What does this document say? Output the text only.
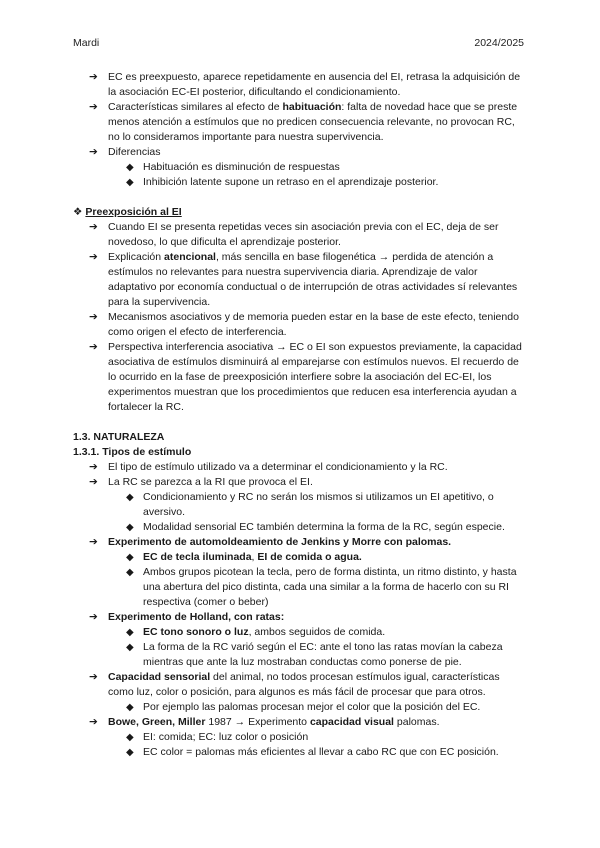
Mardi	2024/2025
➔ EC es preexpuesto, aparece repetidamente en ausencia del EI, retrasa la adquisición de la asociación EC-EI posterior, dificultando el condicionamiento.
➔ Características similares al efecto de habituación: falta de novedad hace que se preste menos atención a estímulos que no predicen consecuencia relevante, no provocan RC, no lo consideramos importante para nuestra supervivencia.
➔ Diferencias
◆ Habituación es disminución de respuestas
◆ Inhibición latente supone un retraso en el aprendizaje posterior.
❖ Preexposición al EI
➔ Cuando EI se presenta repetidas veces sin asociación previa con el EC, deja de ser novedoso, lo que dificulta el aprendizaje posterior.
➔ Explicación atencional, más sencilla en base filogenética → perdida de atención a estímulos no relevantes para nuestra supervivencia diaria. Aprendizaje de valor adaptativo por economía conductual o de interrupción de otras actividades sí relevantes para la supervivencia.
➔ Mecanismos asociativos y de memoria pueden estar en la base de este efecto, teniendo como origen el efecto de interferencia.
➔ Perspectiva interferencia asociativa → EC o EI son expuestos previamente, la capacidad asociativa de estímulos disminuirá al emparejarse con estímulos nuevos. El recuerdo de lo ocurrido en la fase de preexposición interfiere sobre la asociación del EC-EI, los experimentos muestran que los procedimientos que reducen esa interferencia ayudan a fortalecer la RC.
1.3. NATURALEZA
1.3.1. Tipos de estímulo
➔ El tipo de estímulo utilizado va a determinar el condicionamiento y la RC.
➔ La RC se parezca a la RI que provoca el EI.
◆ Condicionamiento y RC no serán los mismos si utilizamos un EI apetitivo, o aversivo.
◆ Modalidad sensorial EC también determina la forma de la RC, según especie.
➔ Experimento de automoldeamiento de Jenkins y Morre con palomas.
◆ EC de tecla iluminada, EI de comida o agua.
◆ Ambos grupos picotean la tecla, pero de forma distinta, un ritmo distinto, y hasta una abertura del pico distinta, cada una similar a la forma de hacerlo con su RI respectiva (comer o beber)
➔ Experimento de Holland, con ratas:
◆ EC tono sonoro o luz, ambos seguidos de comida.
◆ La forma de la RC varió según el EC: ante el tono las ratas movían la cabeza mientras que ante la luz mostraban conductas como ponerse de pie.
➔ Capacidad sensorial del animal, no todos procesan estímulos igual, características como luz, color o posición, para algunos es más fácil de procesar que para otros.
◆ Por ejemplo las palomas procesan mejor el color que la posición del EC.
➔ Bowe, Green, Miller 1987 → Experimento capacidad visual palomas.
◆ EI: comida; EC: luz color o posición
◆ EC color = palomas más eficientes al llevar a cabo RC que con EC posición.
